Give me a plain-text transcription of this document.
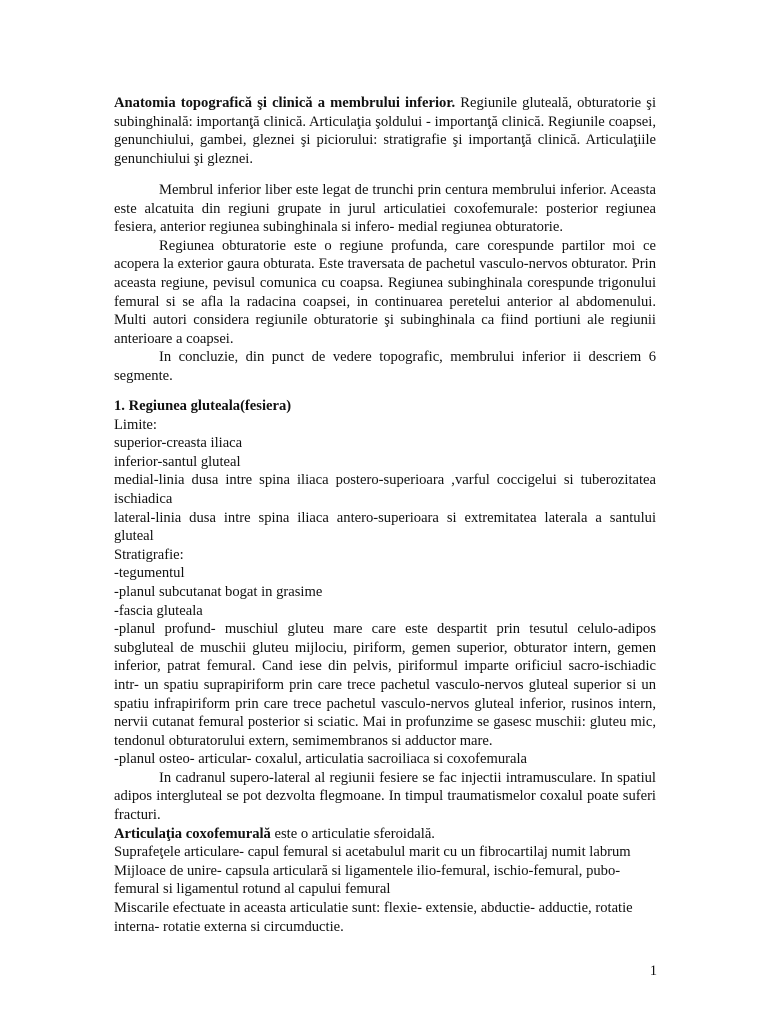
Anatomia topografică şi clinică a membrului inferior. Regiunile gluteală, obturatorie şi subinghinală: importanţă clinică. Articulaţia şoldului - importanţă clinică. Regiunile coapsei, genunchiului, gambei, gleznei şi piciorului: stratigrafie şi importanţă clinică. Articulaţiile genunchiului şi gleznei.

Membrul inferior liber este legat de trunchi prin centura membrului inferior. Aceasta este alcatuita din regiuni grupate in jurul articulatiei coxofemurale: posterior regiunea fesiera, anterior regiunea subinghinala si infero- medial regiunea obturatorie.

Regiunea obturatorie este o regiune profunda, care corespunde partilor moi ce acopera la exterior gaura obturata. Este traversata de pachetul vasculo-nervos obturator. Prin aceasta regiune, pevisul comunica cu coapsa. Regiunea subinghinala corespunde trigonului femural si se afla la radacina coapsei, in continuarea peretelui anterior al abdomenului. Multi autori considera regiunile obturatorie şi subinghinala ca fiind portiuni ale regiunii anterioare a coapsei.

In concluzie, din punct de vedere topografic, membrului inferior ii descriem 6 segmente.

1. Regiunea gluteala(fesiera)

Limite:

superior-creasta iliaca

inferior-santul gluteal

medial-linia dusa intre spina iliaca postero-superioara ,varful coccigelui si tuberozitatea ischiadica

lateral-linia dusa intre spina iliaca antero-superioara si extremitatea laterala a santului gluteal

Stratigrafie:

-tegumentul

-planul subcutanat bogat in grasime

-fascia gluteala

-planul profund- muschiul gluteu mare care este despartit prin tesutul celulo-adipos subgluteal de muschii gluteu mijlociu, piriform, gemen superior, obturator intern, gemen inferior, patrat femural. Cand iese din pelvis, piriformul imparte orificiul sacro-ischiadic intr- un spatiu suprapiriform prin care trece pachetul vasculo-nervos gluteal superior si un spatiu infrapiriform prin care trece pachetul vasculo-nervos gluteal inferior, rusinos intern, nervii cutanat femural posterior si sciatic. Mai in profunzime se gasesc muschii: gluteu mic, tendonul obturatorului extern, semimembranos si adductor mare.

-planul osteo- articular- coxalul, articulatia sacroiliaca si coxofemurala

In cadranul supero-lateral al regiunii fesiere se fac injectii intramusculare. In spatiul adipos intergluteal se pot dezvolta flegmoane. In timpul traumatismelor coxalul poate suferi fracturi.

Articulaţia coxofemurală este o articulatie sferoidală.

Suprafeţele articulare- capul femural si acetabulul marit cu un fibrocartilaj numit labrum

Mijloace de unire- capsula articulară si ligamentele ilio-femural, ischio-femural, pubo-

femural si ligamentul rotund al capului femural

Miscarile efectuate in aceasta articulatie sunt: flexie- extensie, abductie- adductie, rotatie

interna- rotatie externa si circumductie.

1
